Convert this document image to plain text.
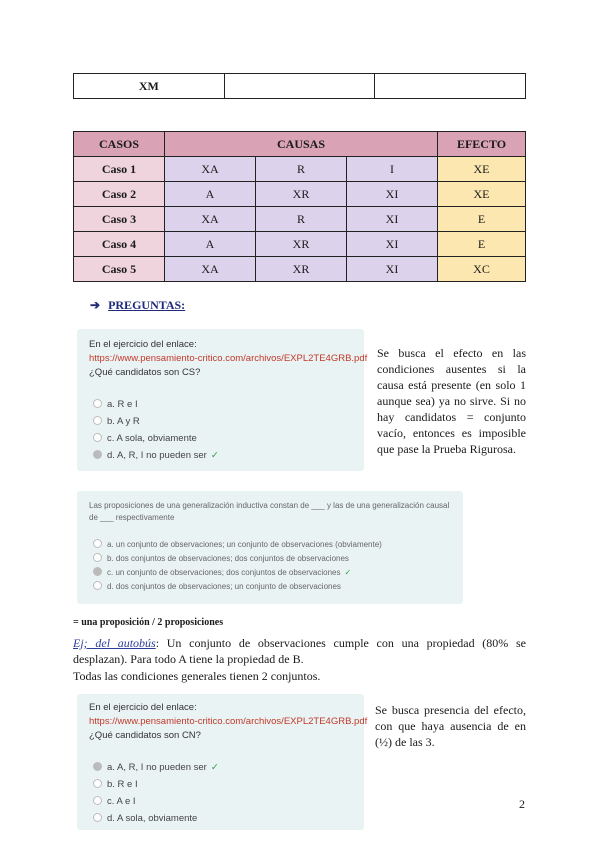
XM		
CASOS	CAUSAS			EFECTO
Caso 1	XA	R	I	XE
Caso 2	A	XR	XI	XE
Caso 3	XA	R	XI	E
Caso 4	A	XR	XI	E
Caso 5	XA	XR	XI	XC
➔ PREGUNTAS:
En el ejercicio del enlace:
https://www.pensamiento-critico.com/archivos/EXPL2TE4GRB.pdf
¿Qué candidatos son CS?
a. R e I
b. A y R
c. A sola, obviamente
d. A, R, I no pueden ser ✓
Se busca el efecto en las condiciones ausentes si la causa está presente (en solo 1 aunque sea) ya no sirve. Si no hay candidatos = conjunto vacío, entonces es imposible que pase la Prueba Rigurosa.
Las proposiciones de una generalización inductiva constan de ___ y las de una generalización causal
de ___ respectivamente
a. un conjunto de observaciones; un conjunto de observaciones (obviamente)
b. dos conjuntos de observaciones; dos conjuntos de observaciones
c. un conjunto de observaciones; dos conjuntos de observaciones ✓
d. dos conjuntos de observaciones; un conjunto de observaciones
= una proposición / 2 proposiciones
Ej; del autobús: Un conjunto de observaciones cumple con una propiedad (80% se desplazan). Para todo A tiene la propiedad de B.
Todas las condiciones generales tienen 2 conjuntos.
En el ejercicio del enlace:
https://www.pensamiento-critico.com/archivos/EXPL2TE4GRB.pdf
¿Qué candidatos son CN?
a. A, R, I no pueden ser ✓
b. R e I
c. A e I
d. A sola, obviamente
Se busca presencia del efecto, con que haya ausencia de en (½) de las 3.
2
